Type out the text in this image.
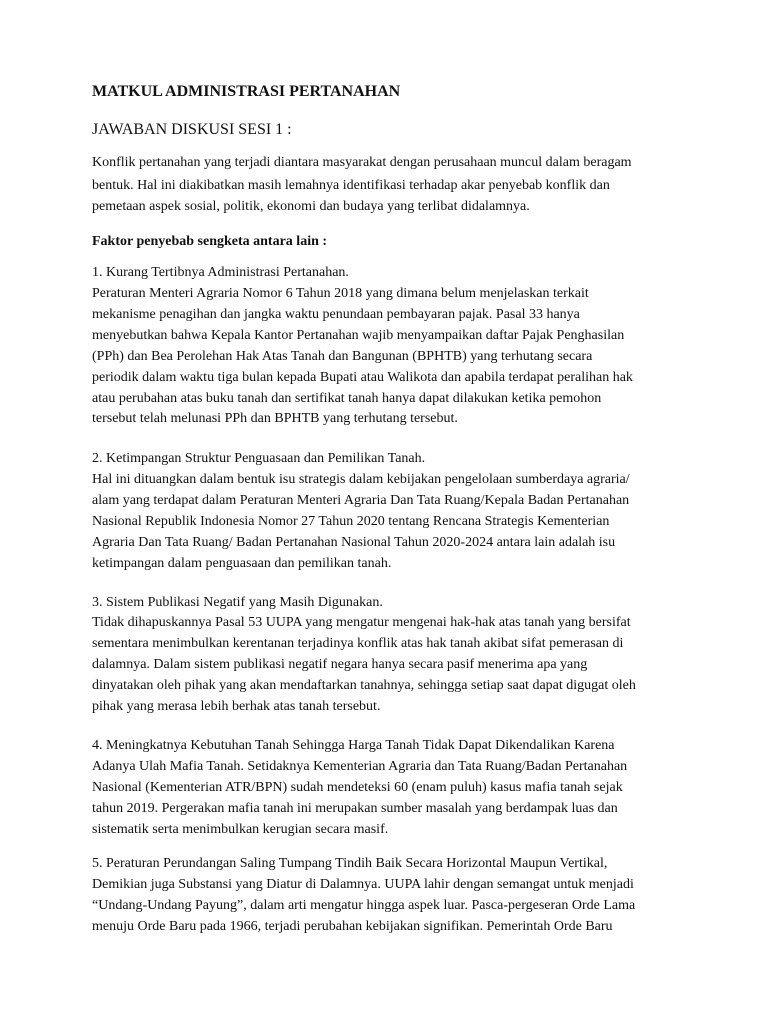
MATKUL ADMINISTRASI PERTANAHAN
JAWABAN DISKUSI SESI 1 :
Konflik pertanahan yang terjadi diantara masyarakat dengan perusahaan muncul dalam beragam
bentuk. Hal ini diakibatkan masih lemahnya identifikasi terhadap akar penyebab konflik dan
pemetaan aspek sosial, politik, ekonomi dan budaya yang terlibat didalamnya.
Faktor penyebab sengketa antara lain :
1. Kurang Tertibnya Administrasi Pertanahan.
Peraturan Menteri Agraria Nomor 6 Tahun 2018 yang dimana belum menjelaskan terkait
mekanisme penagihan dan jangka waktu penundaan pembayaran pajak. Pasal 33 hanya
menyebutkan bahwa Kepala Kantor Pertanahan wajib menyampaikan daftar Pajak Penghasilan
(PPh) dan Bea Perolehan Hak Atas Tanah dan Bangunan (BPHTB) yang terhutang secara
periodik dalam waktu tiga bulan kepada Bupati atau Walikota dan apabila terdapat peralihan hak
atau perubahan atas buku tanah dan sertifikat tanah hanya dapat dilakukan ketika pemohon
tersebut telah melunasi PPh dan BPHTB yang terhutang tersebut.
2. Ketimpangan Struktur Penguasaan dan Pemilikan Tanah.
Hal ini dituangkan dalam bentuk isu strategis dalam kebijakan pengelolaan sumberdaya agraria/
alam yang terdapat dalam Peraturan Menteri Agraria Dan Tata Ruang/Kepala Badan Pertanahan
Nasional Republik Indonesia Nomor 27 Tahun 2020 tentang Rencana Strategis Kementerian
Agraria Dan Tata Ruang/ Badan Pertanahan Nasional Tahun 2020-2024 antara lain adalah isu
ketimpangan dalam penguasaan dan pemilikan tanah.
3. Sistem Publikasi Negatif yang Masih Digunakan.
Tidak dihapuskannya Pasal 53 UUPA yang mengatur mengenai hak-hak atas tanah yang bersifat
sementara menimbulkan kerentanan terjadinya konflik atas hak tanah akibat sifat pemerasan di
dalamnya. Dalam sistem publikasi negatif negara hanya secara pasif menerima apa yang
dinyatakan oleh pihak yang akan mendaftarkan tanahnya, sehingga setiap saat dapat digugat oleh
pihak yang merasa lebih berhak atas tanah tersebut.
4. Meningkatnya Kebutuhan Tanah Sehingga Harga Tanah Tidak Dapat Dikendalikan Karena
Adanya Ulah Mafia Tanah. Setidaknya Kementerian Agraria dan Tata Ruang/Badan Pertanahan
Nasional (Kementerian ATR/BPN) sudah mendeteksi 60 (enam puluh) kasus mafia tanah sejak
tahun 2019. Pergerakan mafia tanah ini merupakan sumber masalah yang berdampak luas dan
sistematik serta menimbulkan kerugian secara masif.
5. Peraturan Perundangan Saling Tumpang Tindih Baik Secara Horizontal Maupun Vertikal,
Demikian juga Substansi yang Diatur di Dalamnya. UUPA lahir dengan semangat untuk menjadi
“Undang-Undang Payung”, dalam arti mengatur hingga aspek luar. Pasca-pergeseran Orde Lama
menuju Orde Baru pada 1966, terjadi perubahan kebijakan signifikan. Pemerintah Orde Baru
